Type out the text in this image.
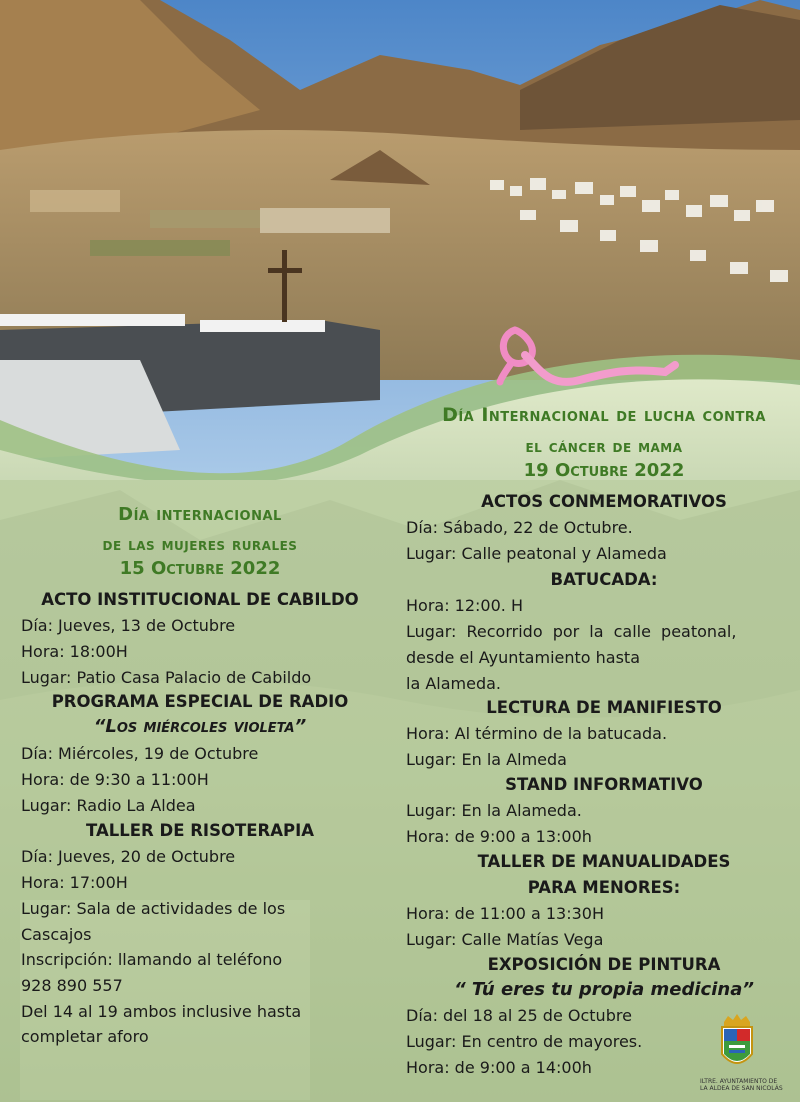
Día Internacional de lucha contra
el cáncer de mama
19 Octubre 2022
ACTOS CONMEMORATIVOS
Día: Sábado, 22 de Octubre.
Lugar: Calle peatonal y Alameda
BATUCADA:
Hora: 12:00. H
Lugar: Recorrido por la calle peatonal,
desde el Ayuntamiento hasta
la Alameda.
LECTURA DE MANIFIESTO
Hora: Al término de la batucada.
Lugar: En la Almeda
STAND INFORMATIVO
Lugar: En la Alameda.
Hora: de 9:00 a 13:00h
TALLER DE MANUALIDADES
PARA MENORES:
Hora: de 11:00 a 13:30H
Lugar: Calle Matías Vega
EXPOSICIÓN DE PINTURA
“ Tú eres tu propia medicina”
Día: del 18 al 25 de Octubre
Lugar: En centro de mayores.
Hora: de 9:00 a 14:00h
Día internacional
de las mujeres rurales
15 Octubre 2022
ACTO INSTITUCIONAL DE CABILDO
Día: Jueves, 13 de Octubre
Hora: 18:00H
Lugar: Patio Casa Palacio de Cabildo
PROGRAMA ESPECIAL DE RADIO
“Los miércoles violeta”
Día: Miércoles, 19 de Octubre
Hora: de 9:30 a 11:00H
Lugar: Radio La Aldea
TALLER DE RISOTERAPIA
Día: Jueves, 20 de Octubre
Hora: 17:00H
Lugar: Sala de actividades de los
Cascajos
Inscripción: llamando al teléfono
928 890 557
Del 14 al 19 ambos inclusive hasta
completar aforo
ILTRE. AYUNTAMIENTO DE
LA ALDEA DE SAN NICOLÁS
